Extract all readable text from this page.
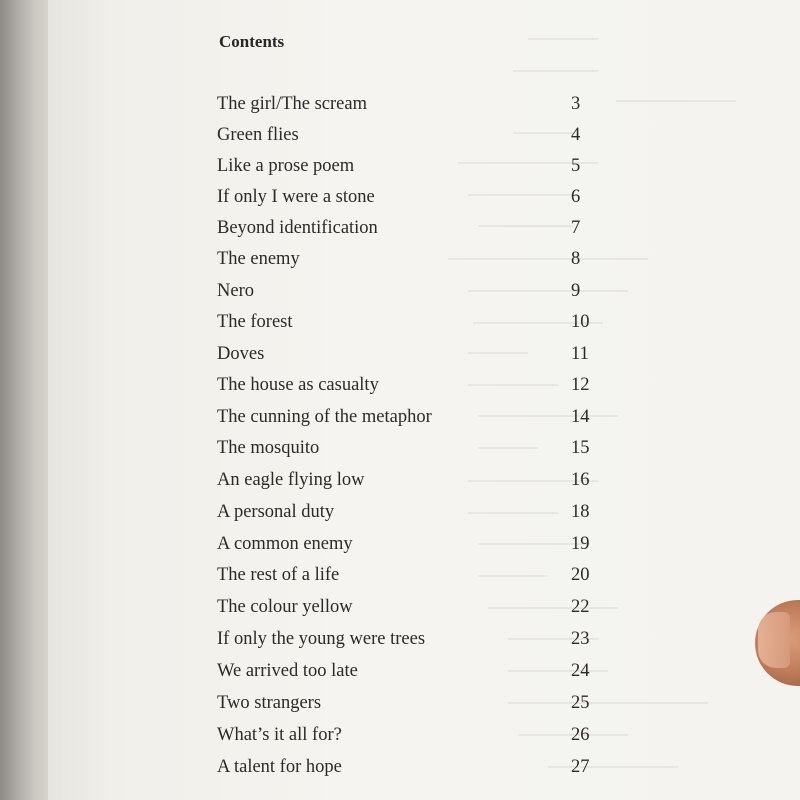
Contents
The girl/The scream	3
Green flies	4
Like a prose poem	5
If only I were a stone	6
Beyond identification	7
The enemy	8
Nero	9
The forest	10
Doves	11
The house as casualty	12
The cunning of the metaphor	14
The mosquito	15
An eagle flying low	16
A personal duty	18
A common enemy	19
The rest of a life	20
The colour yellow	22
If only the young were trees	23
We arrived too late	24
Two strangers	25
What’s it all for?	26
A talent for hope	27
